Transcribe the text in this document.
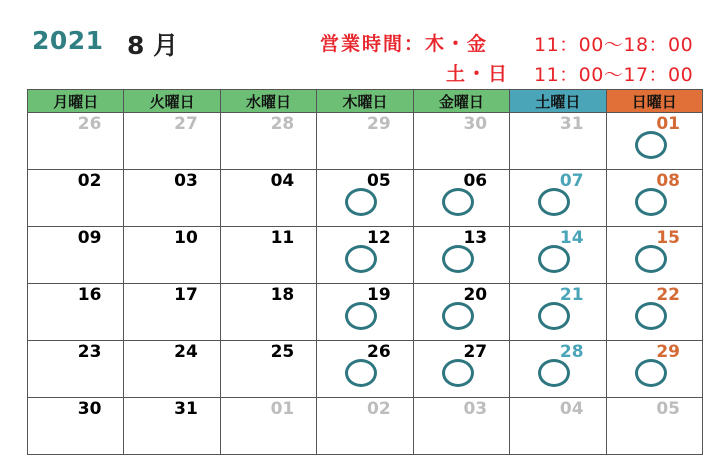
2021 8 月	営業時間：木・金 11：00〜18：00
土・日 11：00〜17：00
月曜日	火曜日	水曜日	木曜日	金曜日	土曜日	日曜日

26	27	28	29	30	31	01

02	03	04	05	06	07	08

09	10	11	12	13	14	15

16	17	18	19	20	21	22

23	24	25	26	27	28	29

30	31	01	02	03	04	05
